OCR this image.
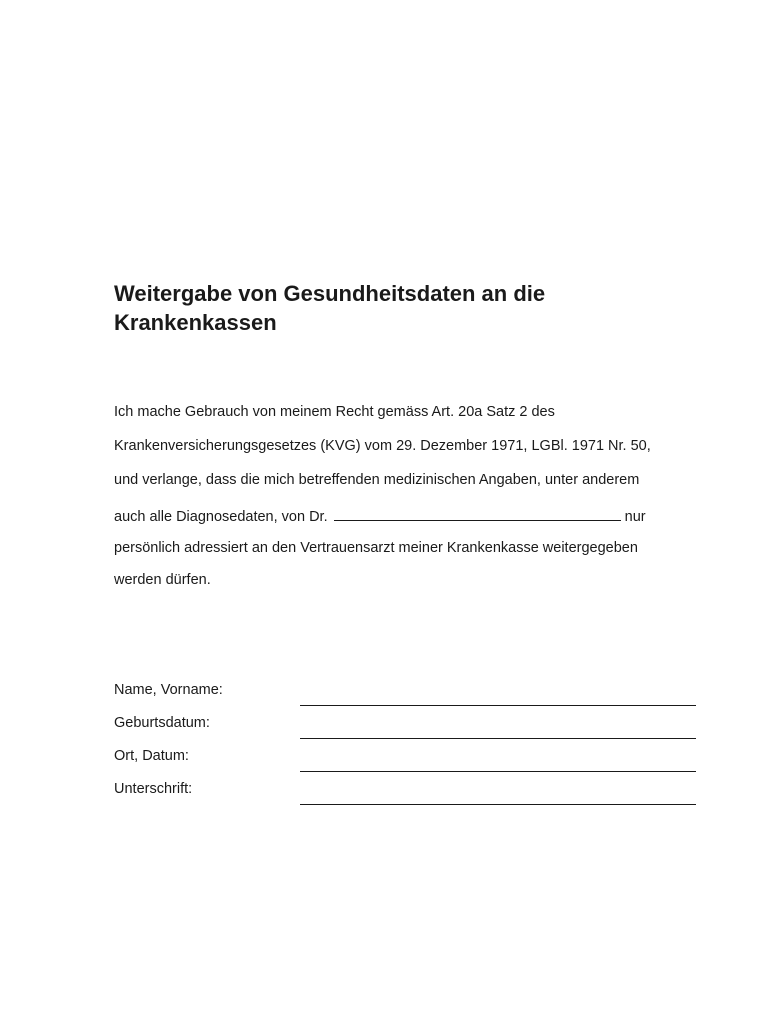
Weitergabe von Gesundheitsdaten an die
Krankenkassen
Ich mache Gebrauch von meinem Recht gemäss Art. 20a Satz 2 des
Krankenversicherungsgesetzes (KVG) vom 29. Dezember 1971, LGBl. 1971 Nr. 50,
und verlange, dass die mich betreffenden medizinischen Angaben, unter anderem
auch alle Diagnosedaten, von Dr.	nur
persönlich adressiert an den Vertrauensarzt meiner Krankenkasse weitergegeben
werden dürfen.
Name, Vorname:
Geburtsdatum:
Ort, Datum:
Unterschrift:
